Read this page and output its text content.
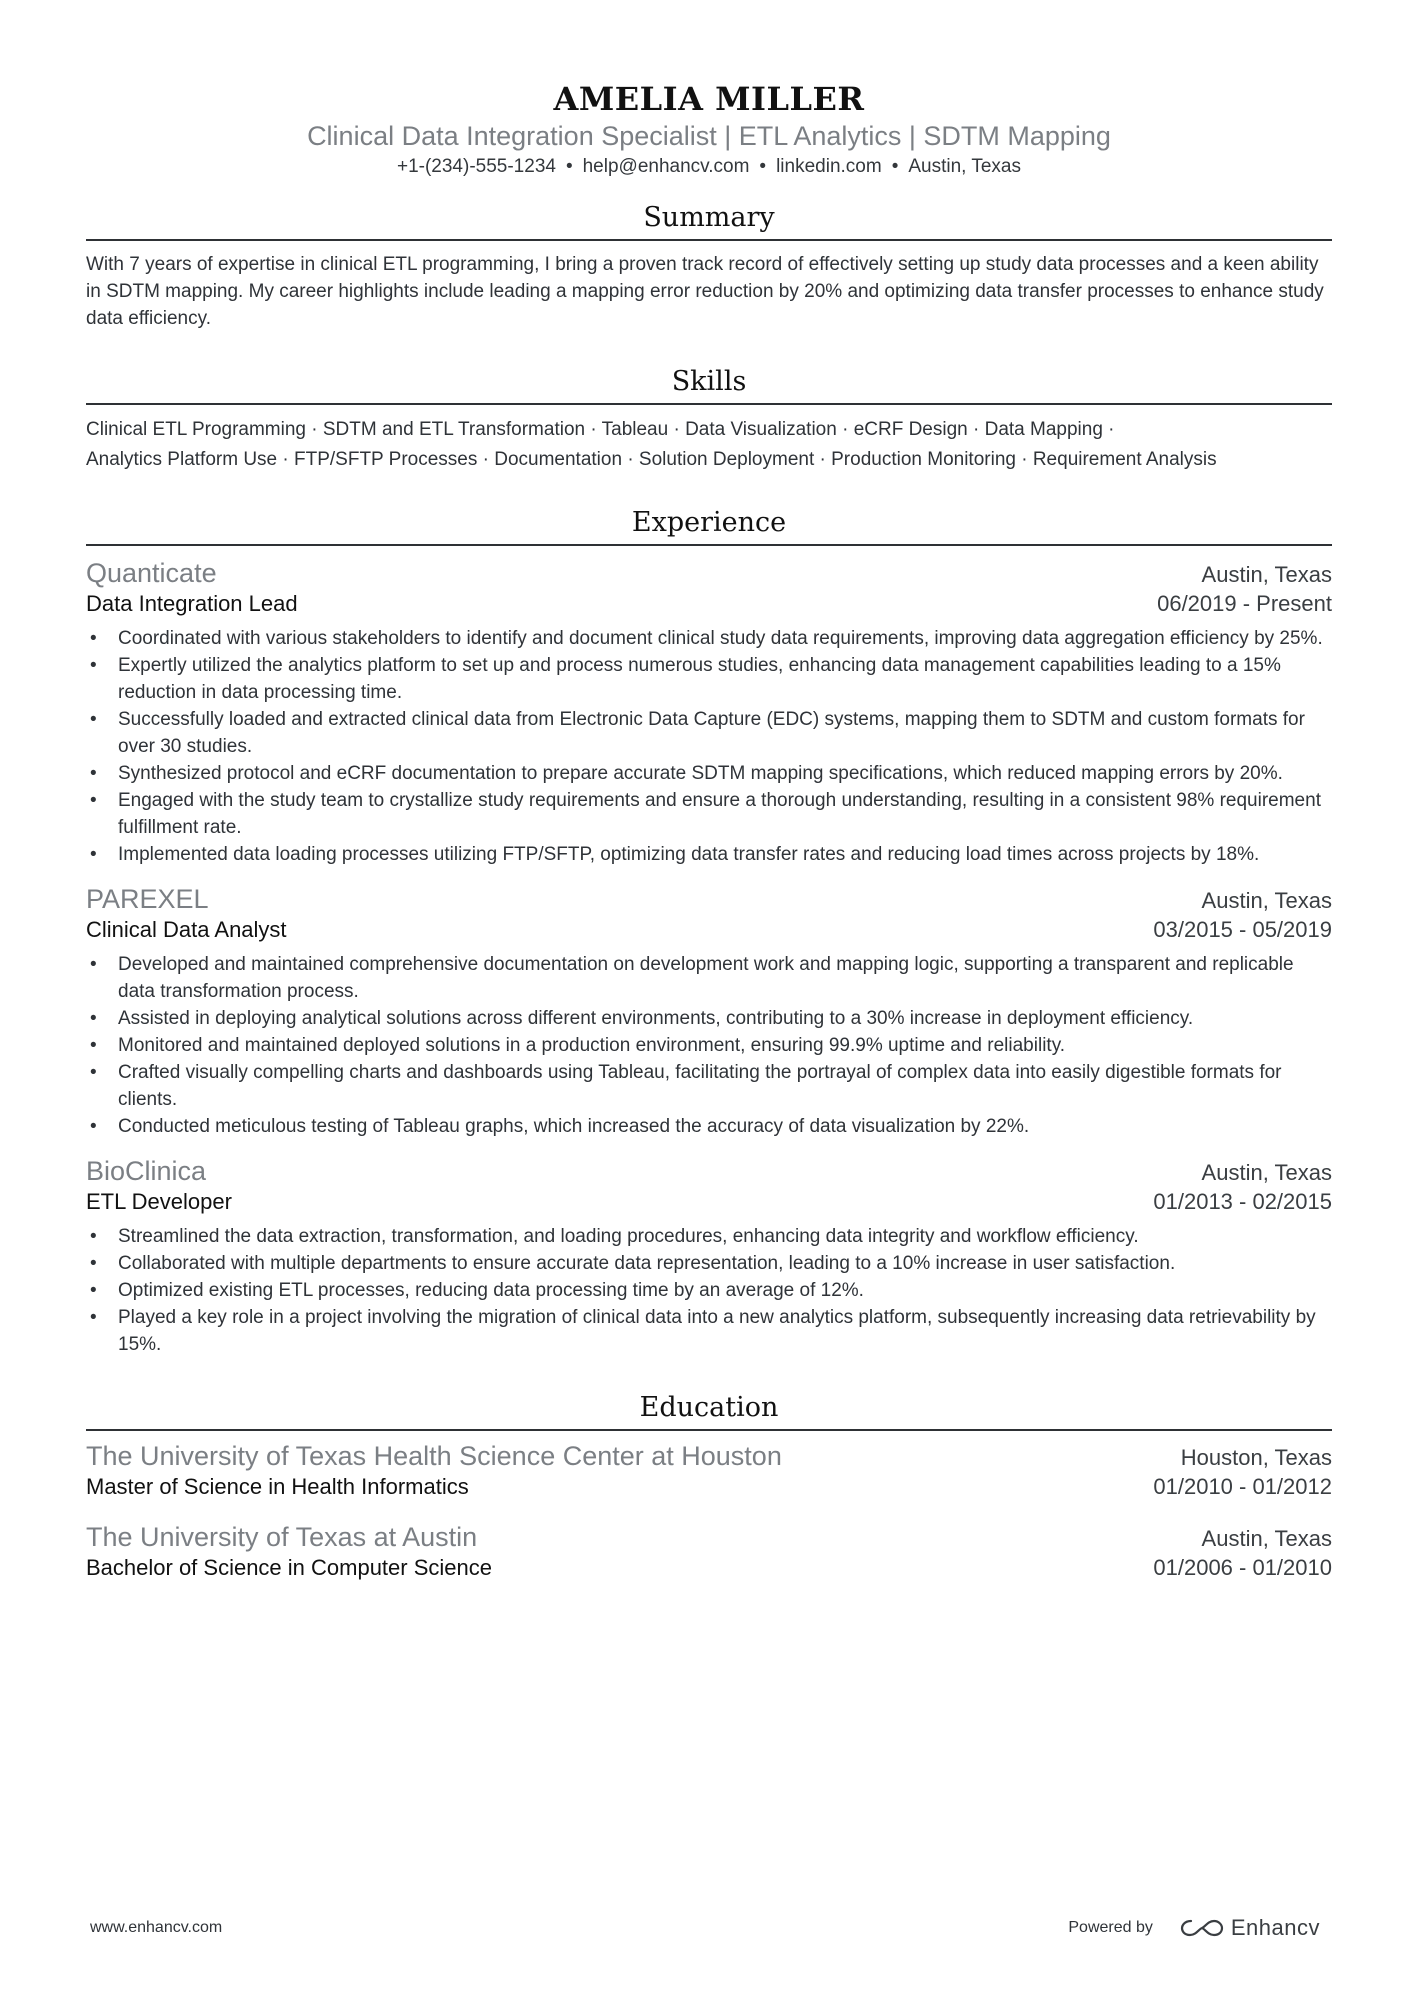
AMELIA MILLER
Clinical Data Integration Specialist | ETL Analytics | SDTM Mapping
+1-(234)-555-1234 • help@enhancv.com • linkedin.com • Austin, Texas
Summary
With 7 years of expertise in clinical ETL programming, I bring a proven track record of effectively setting up study data processes and a keen ability in SDTM mapping. My career highlights include leading a mapping error reduction by 20% and optimizing data transfer processes to enhance study data efficiency.
Skills
Clinical ETL Programming · SDTM and ETL Transformation · Tableau · Data Visualization · eCRF Design · Data Mapping ·
Analytics Platform Use · FTP/SFTP Processes · Documentation · Solution Deployment · Production Monitoring · Requirement Analysis
Experience
Quanticate	Austin, Texas
Data Integration Lead	06/2019 - Present
• Coordinated with various stakeholders to identify and document clinical study data requirements, improving data aggregation efficiency by 25%.
• Expertly utilized the analytics platform to set up and process numerous studies, enhancing data management capabilities leading to a 15% reduction in data processing time.
• Successfully loaded and extracted clinical data from Electronic Data Capture (EDC) systems, mapping them to SDTM and custom formats for over 30 studies.
• Synthesized protocol and eCRF documentation to prepare accurate SDTM mapping specifications, which reduced mapping errors by 20%.
• Engaged with the study team to crystallize study requirements and ensure a thorough understanding, resulting in a consistent 98% requirement fulfillment rate.
• Implemented data loading processes utilizing FTP/SFTP, optimizing data transfer rates and reducing load times across projects by 18%.
PAREXEL	Austin, Texas
Clinical Data Analyst	03/2015 - 05/2019
• Developed and maintained comprehensive documentation on development work and mapping logic, supporting a transparent and replicable data transformation process.
• Assisted in deploying analytical solutions across different environments, contributing to a 30% increase in deployment efficiency.
• Monitored and maintained deployed solutions in a production environment, ensuring 99.9% uptime and reliability.
• Crafted visually compelling charts and dashboards using Tableau, facilitating the portrayal of complex data into easily digestible formats for clients.
• Conducted meticulous testing of Tableau graphs, which increased the accuracy of data visualization by 22%.
BioClinica	Austin, Texas
ETL Developer	01/2013 - 02/2015
• Streamlined the data extraction, transformation, and loading procedures, enhancing data integrity and workflow efficiency.
• Collaborated with multiple departments to ensure accurate data representation, leading to a 10% increase in user satisfaction.
• Optimized existing ETL processes, reducing data processing time by an average of 12%.
• Played a key role in a project involving the migration of clinical data into a new analytics platform, subsequently increasing data retrievability by 15%.
Education
The University of Texas Health Science Center at Houston	Houston, Texas
Master of Science in Health Informatics	01/2010 - 01/2012
The University of Texas at Austin	Austin, Texas
Bachelor of Science in Computer Science	01/2006 - 01/2010
www.enhancv.com	Powered by	Enhancv
